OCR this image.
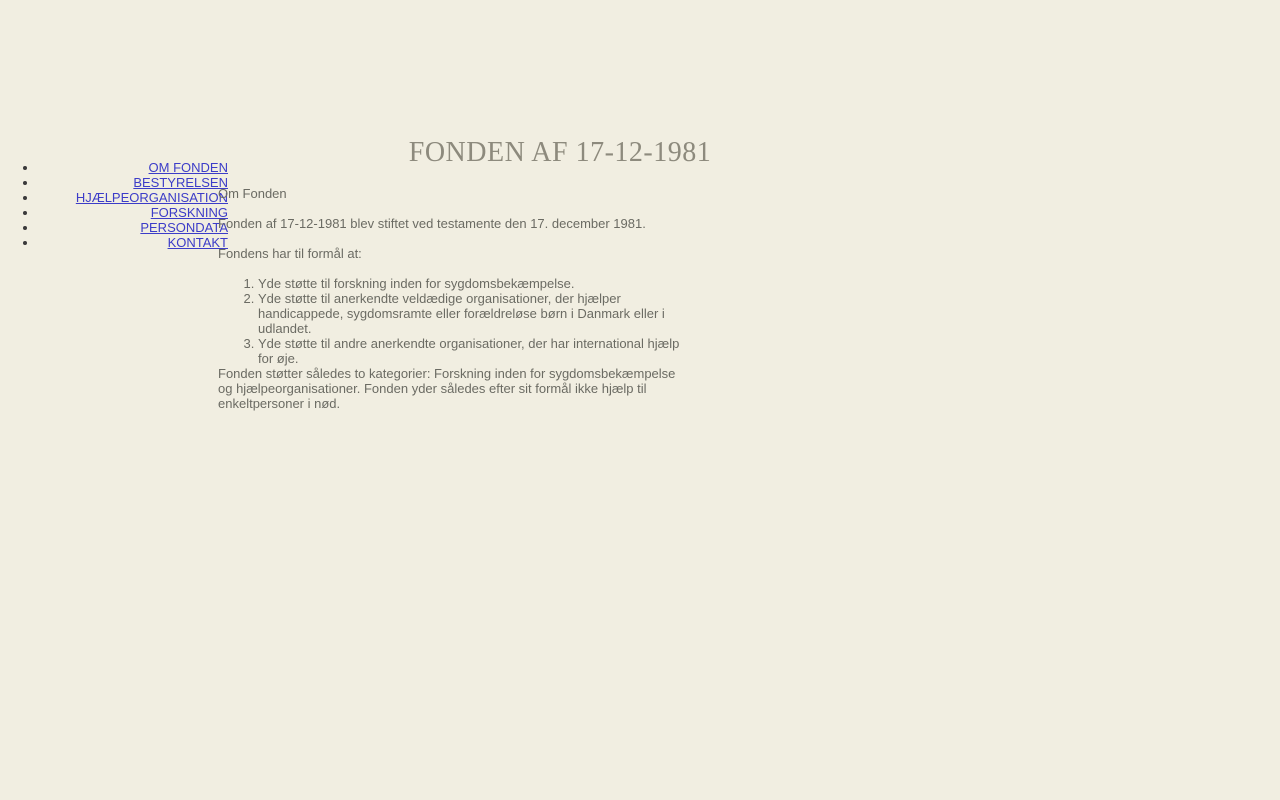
FONDEN AF 17-12-1981
• OM FONDEN
• BESTYRELSEN
• HJÆLPEORGANISATION
• FORSKNING
• PERSONDATA
• KONTAKT

Om Fonden

Fonden af 17-12-1981 blev stiftet ved testamente den 17. december 1981.

Fondens har til formål at:

1. Yde støtte til forskning inden for sygdomsbekæmpelse.
2. Yde støtte til anerkendte veldædige organisationer, der hjælper handicappede, sygdomsramte eller forældreløse børn i Danmark eller i udlandet.
3. Yde støtte til andre anerkendte organisationer, der har international hjælp for øje.

Fonden støtter således to kategorier: Forskning inden for sygdomsbekæmpelse og hjælpeorganisationer. Fonden yder således efter sit formål ikke hjælp til enkeltpersoner i nød.
